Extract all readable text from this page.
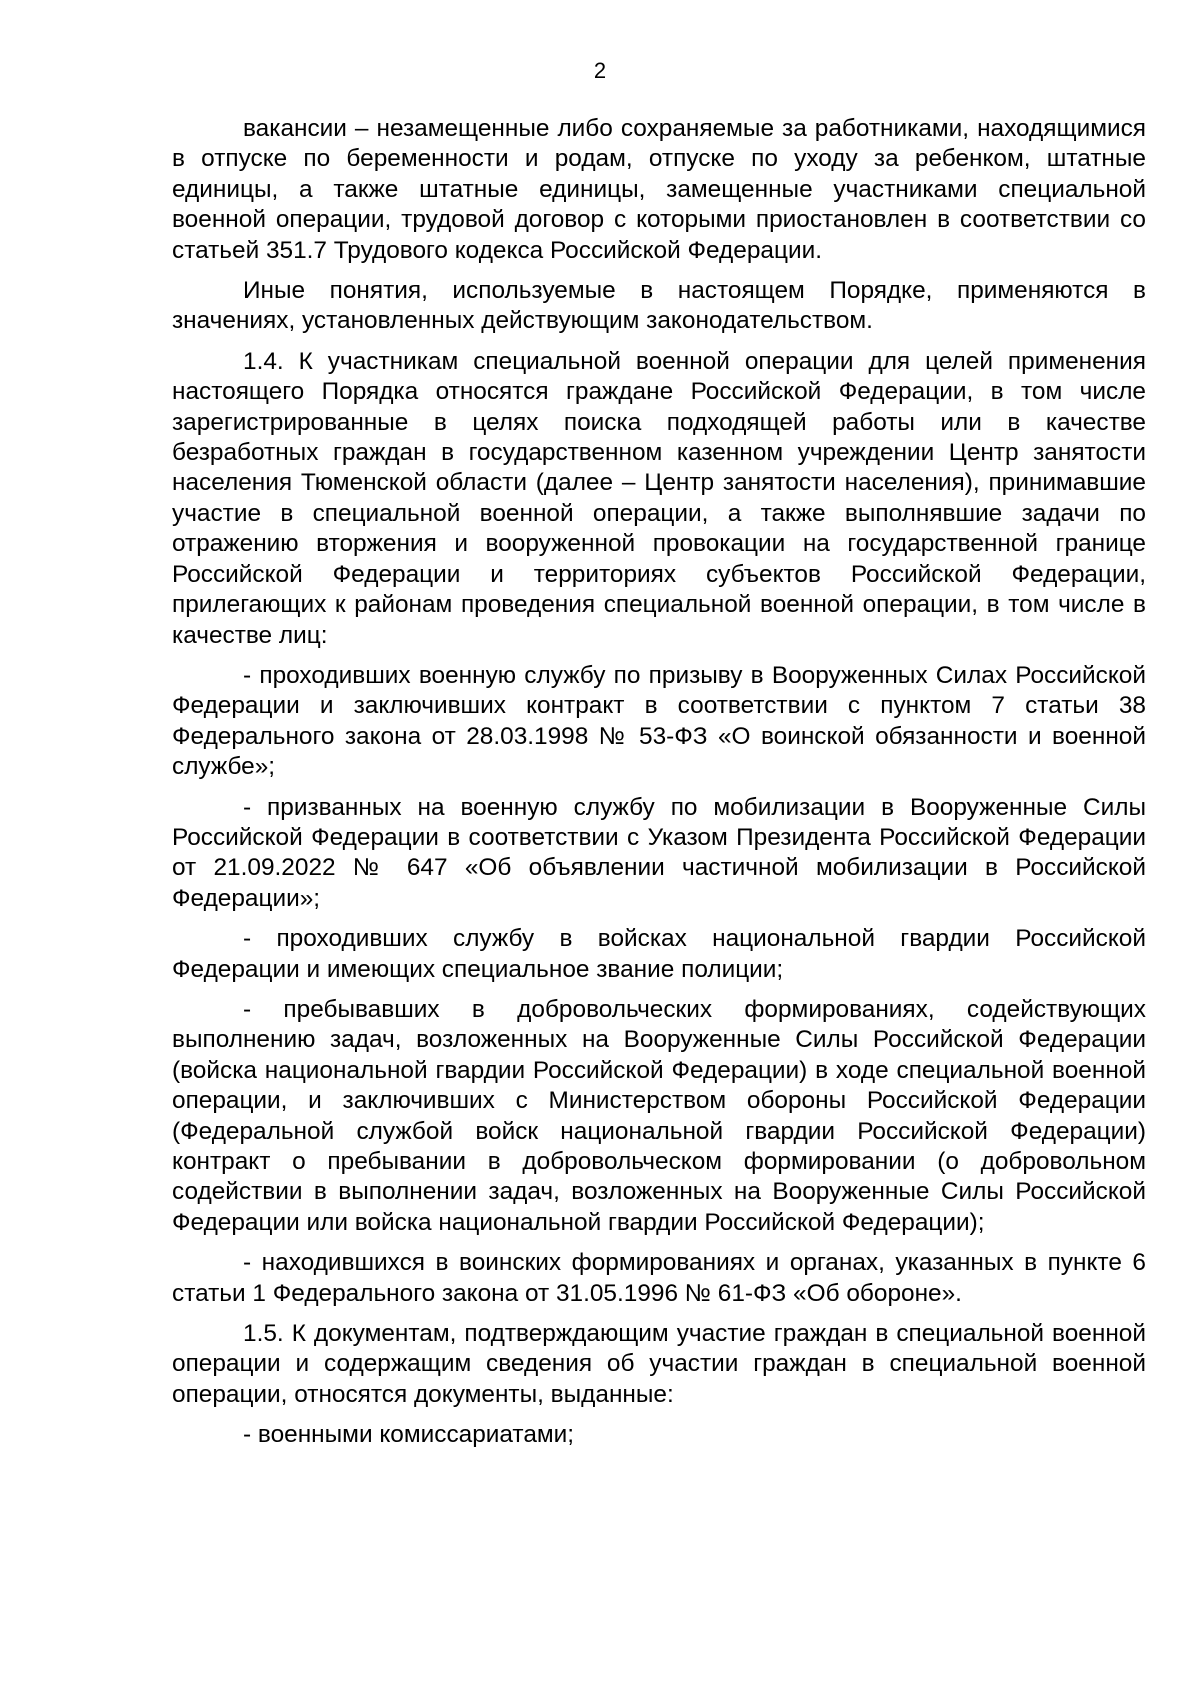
2

вакансии – незамещенные либо сохраняемые за работниками, находящимися в отпуске по беременности и родам, отпуске по уходу за ребенком, штатные единицы, а также штатные единицы, замещенные участниками специальной военной операции, трудовой договор с которыми приостановлен в соответствии со статьей 351.7 Трудового кодекса Российской Федерации.

Иные понятия, используемые в настоящем Порядке, применяются в значениях, установленных действующим законодательством.

1.4. К участникам специальной военной операции для целей применения настоящего Порядка относятся граждане Российской Федерации, в том числе зарегистрированные в целях поиска подходящей работы или в качестве безработных граждан в государственном казенном учреждении Центр занятости населения Тюменской области (далее – Центр занятости населения), принимавшие участие в специальной военной операции, а также выполнявшие задачи по отражению вторжения и вооруженной провокации на государственной границе Российской Федерации и территориях субъектов Российской Федерации, прилегающих к районам проведения специальной военной операции, в том числе в качестве лиц:

- проходивших военную службу по призыву в Вооруженных Силах Российской Федерации и заключивших контракт в соответствии с пунктом 7 статьи 38 Федерального закона от 28.03.1998 № 53-ФЗ «О воинской обязанности и военной службе»;

- призванных на военную службу по мобилизации в Вооруженные Силы Российской Федерации в соответствии с Указом Президента Российской Федерации от 21.09.2022 № 647 «Об объявлении частичной мобилизации в Российской Федерации»;

- проходивших службу в войсках национальной гвардии Российской Федерации и имеющих специальное звание полиции;

- пребывавших в добровольческих формированиях, содействующих выполнению задач, возложенных на Вооруженные Силы Российской Федерации (войска национальной гвардии Российской Федерации) в ходе специальной военной операции, и заключивших с Министерством обороны Российской Федерации (Федеральной службой войск национальной гвардии Российской Федерации) контракт о пребывании в добровольческом формировании (о добровольном содействии в выполнении задач, возложенных на Вооруженные Силы Российской Федерации или войска национальной гвардии Российской Федерации);

- находившихся в воинских формированиях и органах, указанных в пункте 6 статьи 1 Федерального закона от 31.05.1996 № 61-ФЗ «Об обороне».

1.5. К документам, подтверждающим участие граждан в специальной военной операции и содержащим сведения об участии граждан в специальной военной операции, относятся документы, выданные:

- военными комиссариатами;
